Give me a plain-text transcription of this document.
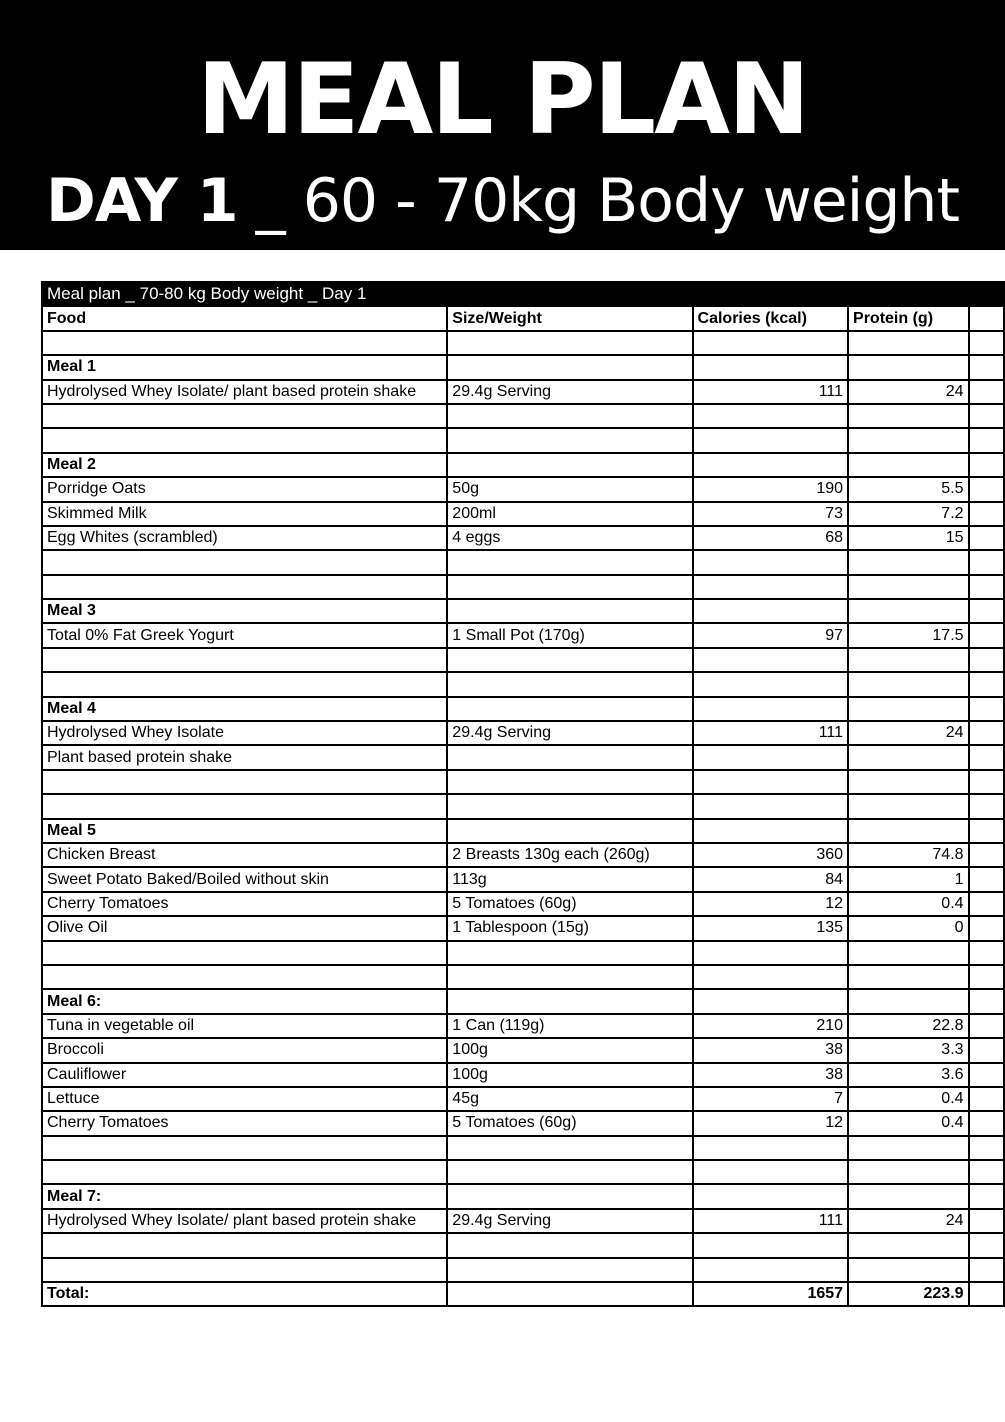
MEAL PLAN
DAY 1 _ 60 - 70kg Body weight
Meal plan _ 70-80 kg Body weight _ Day 1				
Food	Size/Weight	Calories (kcal)	Protein (g)	

Meal 1				
Hydrolysed Whey Isolate/ plant based protein shake	29.4g Serving	111	24	

Meal 2				
Porridge Oats	50g	190	5.5	
Skimmed Milk	200ml	73	7.2	
Egg Whites (scrambled)	4 eggs	68	15	

Meal 3				
Total 0% Fat Greek Yogurt	1 Small Pot (170g)	97	17.5	

Meal 4				
Hydrolysed Whey Isolate	29.4g Serving	111	24	
Plant based protein shake				

Meal 5				
Chicken Breast	2 Breasts 130g each (260g)	360	74.8	
Sweet Potato Baked/Boiled without skin	113g	84	1	
Cherry Tomatoes	5 Tomatoes (60g)	12	0.4	
Olive Oil	1 Tablespoon (15g)	135	0	

Meal 6:				
Tuna in vegetable oil	1 Can (119g)	210	22.8	
Broccoli	100g	38	3.3	
Cauliflower	100g	38	3.6	
Lettuce	45g	7	0.4	
Cherry Tomatoes	5 Tomatoes (60g)	12	0.4	

Meal 7:				
Hydrolysed Whey Isolate/ plant based protein shake	29.4g Serving	111	24	

Total:		1657	223.9	
